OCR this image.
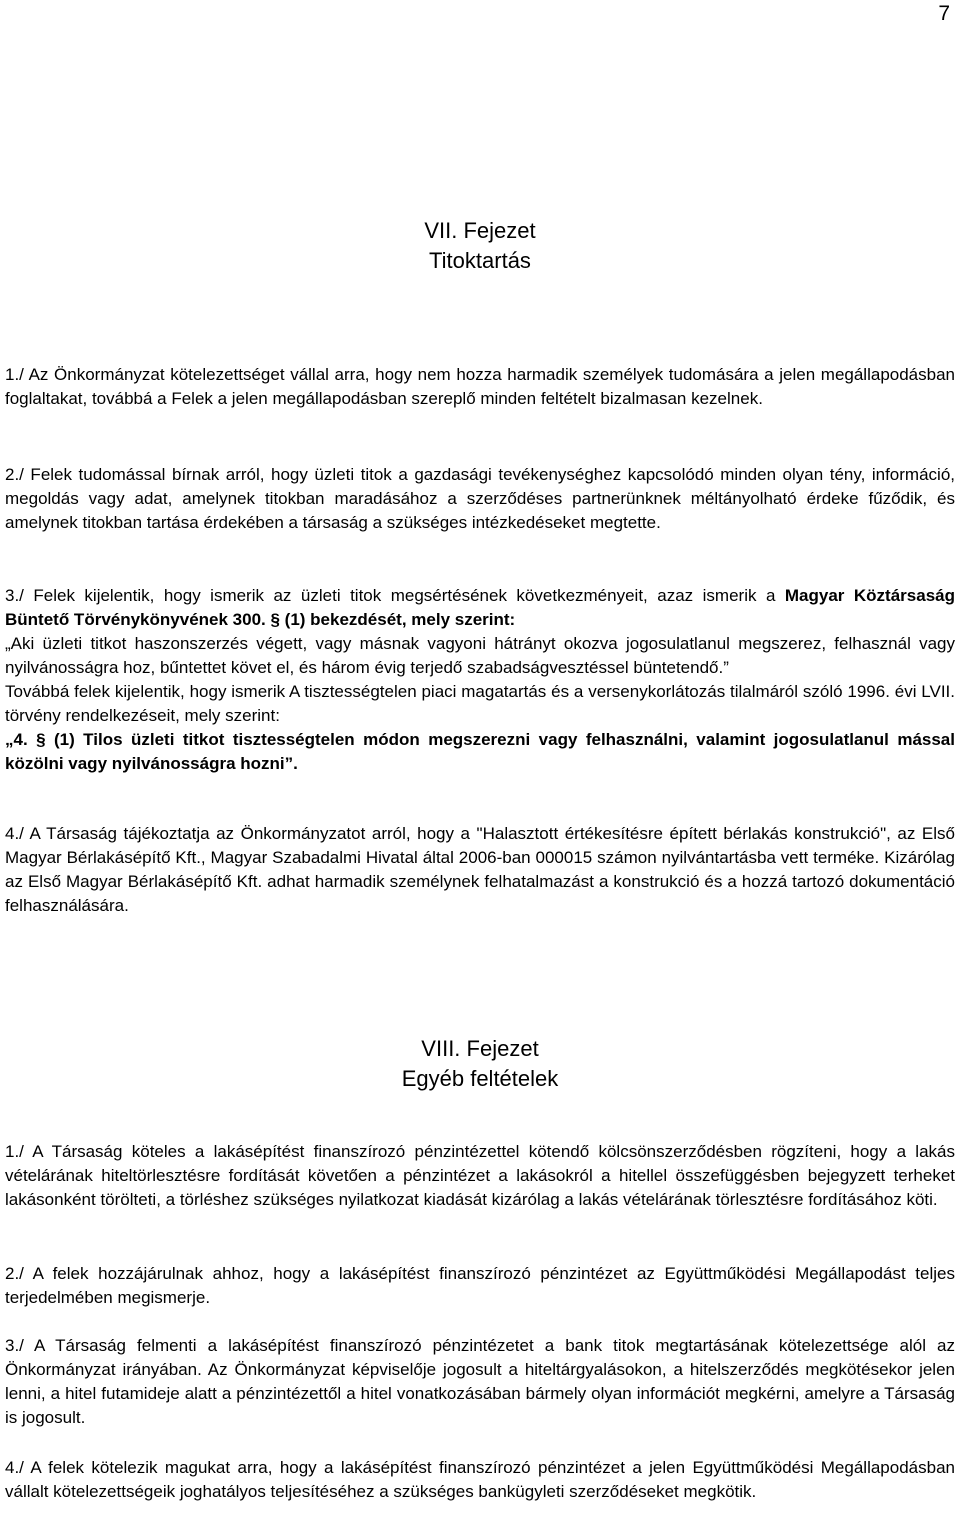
7
VII. Fejezet
Titoktartás

1./ Az Önkormányzat kötelezettséget vállal arra, hogy nem hozza harmadik személyek tudomására a jelen megállapodásban foglaltakat, továbbá a Felek a jelen megállapodásban szereplő minden feltételt bizalmasan kezelnek.

2./ Felek tudomással bírnak arról, hogy üzleti titok a gazdasági tevékenységhez kapcsolódó minden olyan tény, információ, megoldás vagy adat, amelynek titokban maradásához a szerződéses partnerünknek méltányolható érdeke fűződik, és amelynek titokban tartása érdekében a társaság a szükséges intézkedéseket megtette.

3./ Felek kijelentik, hogy ismerik az üzleti titok megsértésének következményeit, azaz ismerik a Magyar Köztársaság Büntető Törvénykönyvének 300. § (1) bekezdését, mely szerint:
„Aki üzleti titkot haszonszerzés végett, vagy másnak vagyoni hátrányt okozva jogosulatlanul megszerez, felhasznál vagy nyilvánosságra hoz, bűntettet követ el, és három évig terjedő szabadságvesztéssel büntetendő.”
Továbbá felek kijelentik, hogy ismerik A tisztességtelen piaci magatartás és a versenykorlátozás tilalmáról szóló 1996. évi LVII. törvény rendelkezéseit, mely szerint:
„4. § (1) Tilos üzleti titkot tisztességtelen módon megszerezni vagy felhasználni, valamint jogosulatlanul mással közölni vagy nyilvánosságra hozni”.

4./ A Társaság tájékoztatja az Önkormányzatot arról, hogy a "Halasztott értékesítésre épített bérlakás konstrukció", az Első Magyar Bérlakásépítő Kft., Magyar Szabadalmi Hivatal által 2006-ban 000015 számon nyilvántartásba vett terméke. Kizárólag az Első Magyar Bérlakásépítő Kft. adhat harmadik személynek felhatalmazást a konstrukció és a hozzá tartozó dokumentáció felhasználására.

VIII. Fejezet
Egyéb feltételek

1./ A Társaság köteles a lakásépítést finanszírozó pénzintézettel kötendő kölcsönszerződésben rögzíteni, hogy a lakás vételárának hiteltörlesztésre fordítását követően a pénzintézet a lakásokról a hitellel összefüggésben bejegyzett terheket lakásonként törölteti, a törléshez szükséges nyilatkozat kiadását kizárólag a lakás vételárának törlesztésre fordításához köti.

2./ A felek hozzájárulnak ahhoz, hogy a lakásépítést finanszírozó pénzintézet az Együttműködési Megállapodást teljes terjedelmében megismerje.

3./ A Társaság felmenti a lakásépítést finanszírozó pénzintézetet a bank titok megtartásának kötelezettsége alól az Önkormányzat irányában. Az Önkormányzat képviselője jogosult a hiteltárgyalásokon, a hitelszerződés megkötésekor jelen lenni, a hitel futamideje alatt a pénzintézettől a hitel vonatkozásában bármely olyan információt megkérni, amelyre a Társaság is jogosult.

4./ A felek kötelezik magukat arra, hogy a lakásépítést finanszírozó pénzintézet a jelen Együttműködési Megállapodásban vállalt kötelezettségeik joghatályos teljesítéséhez a szükséges bankügyleti szerződéseket megkötik.
